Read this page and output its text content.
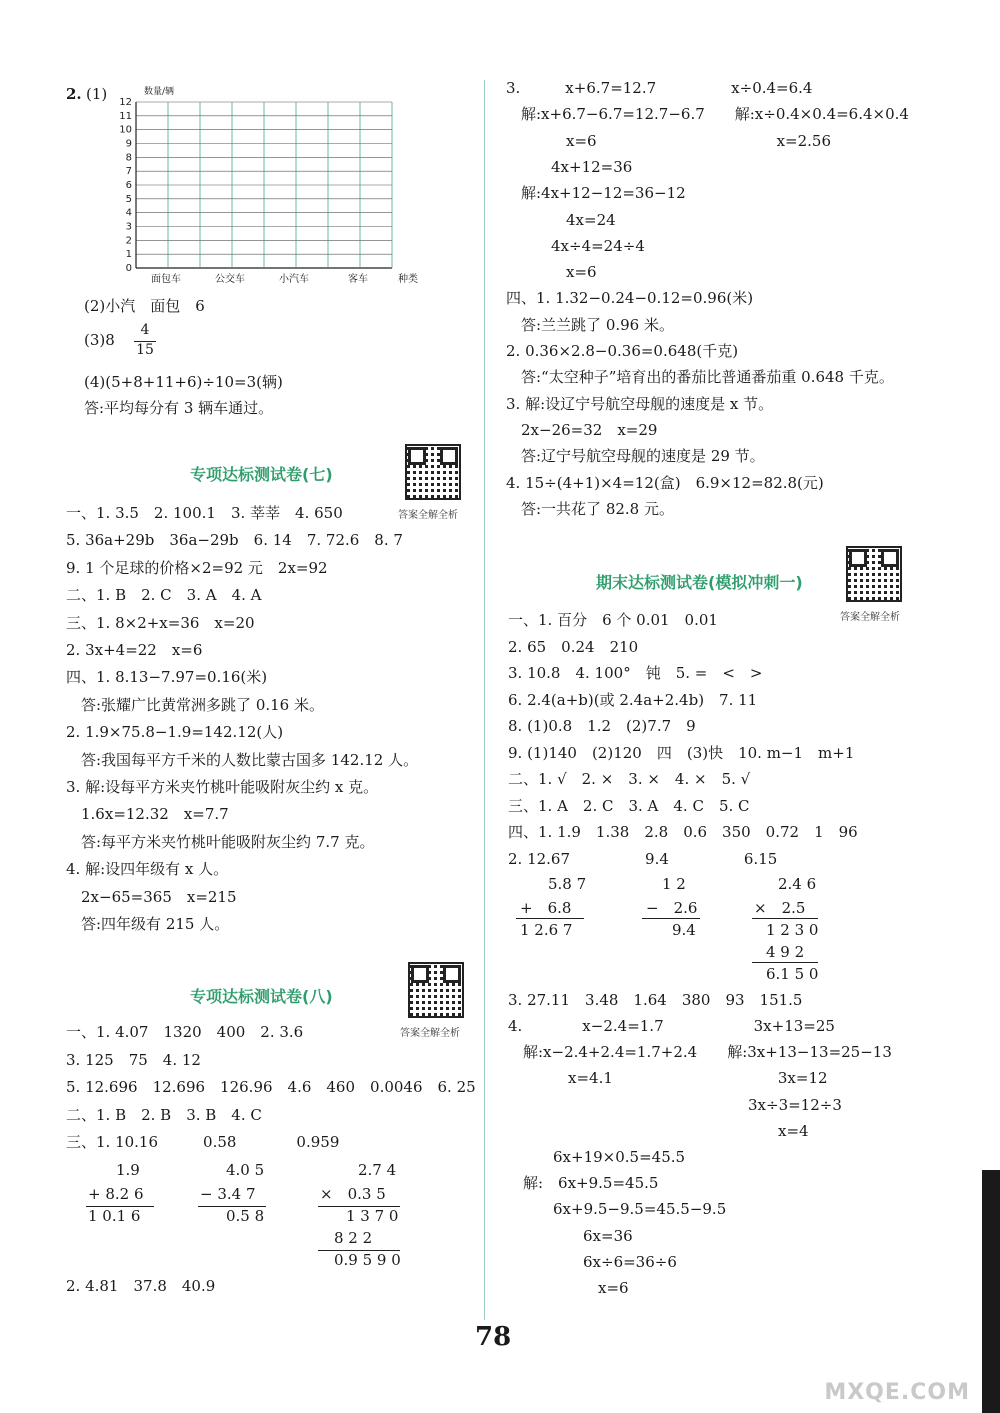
2. (1)	数量/辆
0
1
2
3
4
5
6
7
8
9
10
11
12
面包车	公交车	小汽车	客车	种类
(2)小汽　面包　6
(3)8
4
15
(4)(5+8+11+6)÷10=3(辆)
答:平均每分有 3 辆车通过。
专项达标测试卷(七)
答案全解全析
一、1. 3.5　2. 100.1　3. 莘莘　4. 650
5. 36a+29b　36a−29b　6. 14　7. 72.6　8. 7
9. 1 个足球的价格×2=92 元　2x=92
二、1. B　2. C　3. A　4. A
三、1. 8×2+x=36　x=20
2. 3x+4=22　x=6
四、1. 8.13−7.97=0.16(米)
　答:张耀广比黄常洲多跳了 0.16 米。
2. 1.9×75.8−1.9=142.12(人)
　答:我国每平方千米的人数比蒙古国多 142.12 人。
3. 解:设每平方米夹竹桃叶能吸附灰尘约 x 克。
　1.6x=12.32　x=7.7
　答:每平方米夹竹桃叶能吸附灰尘约 7.7 克。
4. 解:设四年级有 x 人。
　2x−65=365　x=215
　答:四年级有 215 人。
专项达标测试卷(八)
答案全解全析
一、1. 4.07　1320　400　2. 3.6
3. 125　75　4. 12
5. 12.696　12.696　126.96　4.6　460　0.0046　6. 25
二、1. B　2. B　3. B　4. C
三、1. 10.16　　　0.58　　　　0.959
1.9
+ 8.2 6
1 0.1 6
4.0 5
− 3.4 7
0.5 8
2.7 4
×　0.3 5
1 3 7 0
8 2 2
0.9 5 9 0
2. 4.81　37.8　40.9
3.　　　x+6.7=12.7　　　　　x÷0.4=6.4
　解:x+6.7−6.7=12.7−6.7　　解:x÷0.4×0.4=6.4×0.4
　　　　x=6　　　　　　　　　　　　x=2.56
　　　4x+12=36
　解:4x+12−12=36−12
　　　　4x=24
　　　4x÷4=24÷4
　　　　x=6
四、1. 1.32−0.24−0.12=0.96(米)
　答:兰兰跳了 0.96 米。
2. 0.36×2.8−0.36=0.648(千克)
　答:“太空种子”培育出的番茄比普通番茄重 0.648 千克。
3. 解:设辽宁号航空母舰的速度是 x 节。
　2x−26=32　x=29
　答:辽宁号航空母舰的速度是 29 节。
4. 15÷(4+1)×4=12(盒)　6.9×12=82.8(元)
　答:一共花了 82.8 元。
期末达标测试卷(模拟冲刺一)
答案全解全析
一、1. 百分　6 个 0.01　0.01
2. 65　0.24　210
3. 10.8　4. 100°　钝　5. =　<　>
6. 2.4(a+b)(或 2.4a+2.4b)　7. 11
8. (1)0.8　1.2　(2)7.7　9
9. (1)140　(2)120　四　(3)快　10. m−1　m+1
二、1. √　2. ×　3. ×　4. ×　5. √
三、1. A　2. C　3. A　4. C　5. C
四、1. 1.9　1.38　2.8　0.6　350　0.72　1　96
2. 12.67　　　　　9.4　　　　　6.15
5.8 7
+　6.8
1 2.6 7
1 2
−　2.6
9.4
2.4 6
×　2.5
1 2 3 0
4 9 2
6.1 5 0
3. 27.11　3.48　1.64　380　93　151.5
4.　　　　x−2.4=1.7　　　　　　3x+13=25
　解:x−2.4+2.4=1.7+2.4　　解:3x+13−13=25−13
　　　　x=4.1　　　　　　　　　　　3x=12
　　　　　　　　　　　　　　　　3x÷3=12÷3
　　　　　　　　　　　　　　　　　　x=4
　　　6x+19×0.5=45.5
　解:　6x+9.5=45.5
　　　6x+9.5−9.5=45.5−9.5
　　　　　6x=36
　　　　　6x÷6=36÷6
　　　　　　x=6
78
MXQE.COM
